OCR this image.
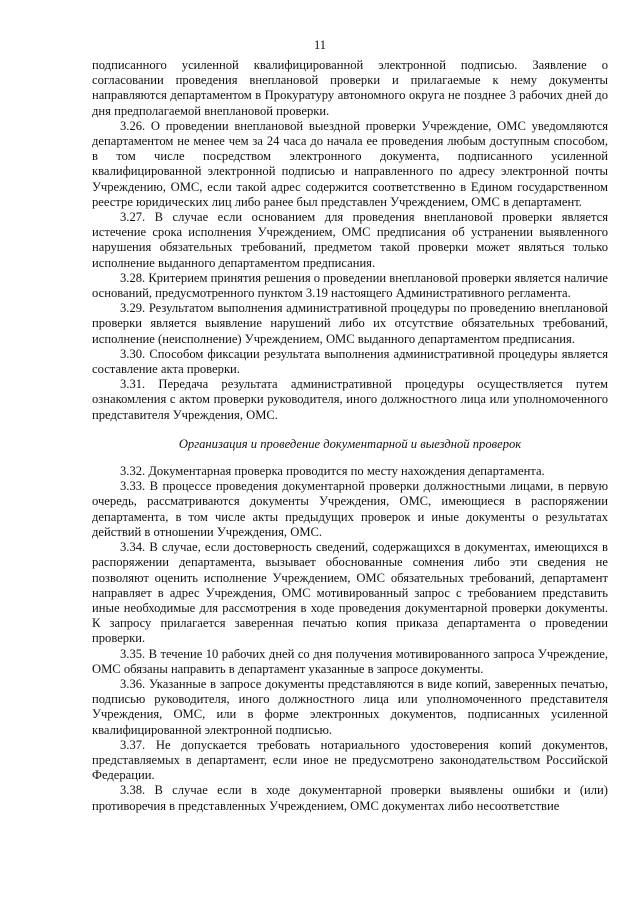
11

подписанного усиленной квалифицированной электронной подписью. Заявление о согласовании проведения внеплановой проверки и прилагаемые к нему документы направляются департаментом в Прокуратуру автономного округа не позднее 3 рабочих дней до дня предполагаемой внеплановой проверки.

3.26. О проведении внеплановой выездной проверки Учреждение, ОМС уведомляются департаментом не менее чем за 24 часа до начала ее проведения любым доступным способом, в том числе посредством электронного документа, подписанного усиленной квалифицированной электронной подписью и направленного по адресу электронной почты Учреждению, ОМС, если такой адрес содержится соответственно в Едином государственном реестре юридических лиц либо ранее был представлен Учреждением, ОМС в департамент.

3.27. В случае если основанием для проведения внеплановой проверки является истечение срока исполнения Учреждением, ОМС предписания об устранении выявленного нарушения обязательных требований, предметом такой проверки может являться только исполнение выданного департаментом предписания.

3.28. Критерием принятия решения о проведении внеплановой проверки является наличие оснований, предусмотренного пунктом 3.19 настоящего Административного регламента.

3.29. Результатом выполнения административной процедуры по проведению внеплановой проверки является выявление нарушений либо их отсутствие обязательных требований, исполнение (неисполнение) Учреждением, ОМС выданного департаментом предписания.

3.30. Способом фиксации результата выполнения административной процедуры является составление акта проверки.

3.31. Передача результата административной процедуры осуществляется путем ознакомления с актом проверки руководителя, иного должностного лица или уполномоченного представителя Учреждения, ОМС.

Организация и проведение документарной и выездной проверок

3.32. Документарная проверка проводится по месту нахождения департамента.

3.33. В процессе проведения документарной проверки должностными лицами, в первую очередь, рассматриваются документы Учреждения, ОМС, имеющиеся в распоряжении департамента, в том числе акты предыдущих проверок и иные документы о результатах действий в отношении Учреждения, ОМС.

3.34. В случае, если достоверность сведений, содержащихся в документах, имеющихся в распоряжении департамента, вызывает обоснованные сомнения либо эти сведения не позволяют оценить исполнение Учреждением, ОМС обязательных требований, департамент направляет в адрес Учреждения, ОМС мотивированный запрос с требованием представить иные необходимые для рассмотрения в ходе проведения документарной проверки документы. К запросу прилагается заверенная печатью копия приказа департамента о проведении проверки.

3.35. В течение 10 рабочих дней со дня получения мотивированного запроса Учреждение, ОМС обязаны направить в департамент указанные в запросе документы.

3.36. Указанные в запросе документы представляются в виде копий, заверенных печатью, подписью руководителя, иного должностного лица или уполномоченного представителя Учреждения, ОМС, или в форме электронных документов, подписанных усиленной квалифицированной электронной подписью.

3.37. Не допускается требовать нотариального удостоверения копий документов, представляемых в департамент, если иное не предусмотрено законодательством Российской Федерации.

3.38. В случае если в ходе документарной проверки выявлены ошибки и (или) противоречия в представленных Учреждением, ОМС документах либо несоответствие
